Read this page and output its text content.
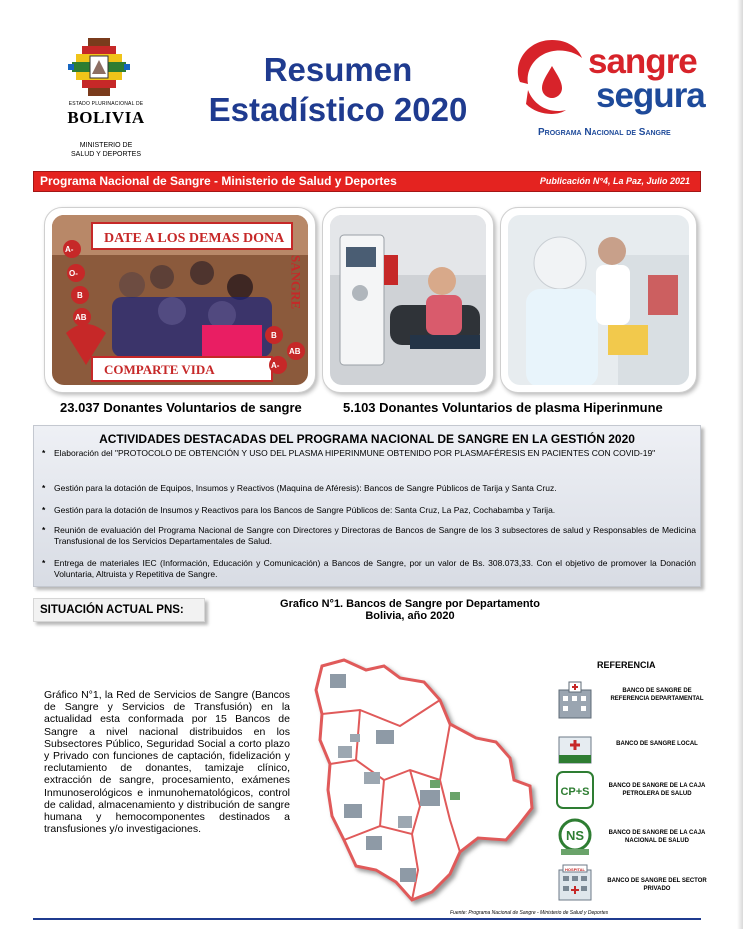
ESTADO PLURINACIONAL DE
BOLIVIA
MINISTERIO DE
SALUD Y DEPORTES
Resumen
Estadístico 2020
sangre
segura
Programa Nacional de Sangre
Programa Nacional de Sangre - Ministerio de Salud y Deportes	Publicación N°4, La Paz, Julio 2021
DATE A LOS DEMAS DONA
SANGRE
COMPARTE VIDA
A-
O-
B
AB
B
A-
AB
23.037 Donantes Voluntarios de sangre	5.103 Donantes Voluntarios de plasma Hiperinmune
ACTIVIDADES DESTACADAS DEL PROGRAMA NACIONAL DE SANGRE EN LA GESTIÓN 2020
* Elaboración del "PROTOCOLO DE OBTENCIÓN Y USO DEL PLASMA HIPERINMUNE OBTENIDO POR PLASMAFÉRESIS EN PACIENTES CON COVID-19"
* Gestión para la dotación de Equipos, Insumos y Reactivos (Maquina de Aféresis): Bancos de Sangre Públicos de Tarija y Santa Cruz.
* Gestión para la dotación de Insumos y Reactivos para los Bancos de Sangre Públicos de: Santa Cruz, La Paz, Cochabamba y Tarija.
* Reunión de evaluación del Programa Nacional de Sangre con Directores y Directoras de Bancos de Sangre de los 3 subsectores de salud y Responsables de Medicina Transfusional de los Servicios Departamentales de Salud.
* Entrega de materiales IEC (Información, Educación y Comunicación) a Bancos de Sangre, por un valor de Bs. 308.073,33. Con el objetivo de promover la Donación Voluntaria, Altruista y Repetitiva de Sangre.
SITUACIÓN ACTUAL PNS:	Grafico N°1. Bancos de Sangre por Departamento
Bolivia, año 2020
Gráfico N°1, la Red de Servicios de Sangre (Bancos de Sangre y Servicios de Transfusión) en la actualidad esta conformada por 15 Bancos de Sangre a nivel nacional distribuidos en los Subsectores Público, Seguridad Social a corto plazo y Privado con funciones de captación, fidelización y reclutamiento de donantes, tamizaje clínico, extracción de sangre, procesamiento, exámenes Inmunoserológicos e inmunohematológicos, control de calidad, almacenamiento y distribución de sangre humana y hemocomponentes destinados a transfusiones y/o investigaciones.
REFERENCIA
BANCO DE SANGRE DE REFERENCIA DEPARTAMENTAL
BANCO DE SANGRE LOCAL
CP+S	BANCO DE SANGRE DE LA CAJA PETROLERA DE SALUD
NS	BANCO DE SANGRE DE LA CAJA NACIONAL DE SALUD
HOSPITAL
BANCO DE SANGRE DEL SECTOR PRIVADO
Fuente: Programa Nacional de Sangre - Ministerio de Salud y Deportes
